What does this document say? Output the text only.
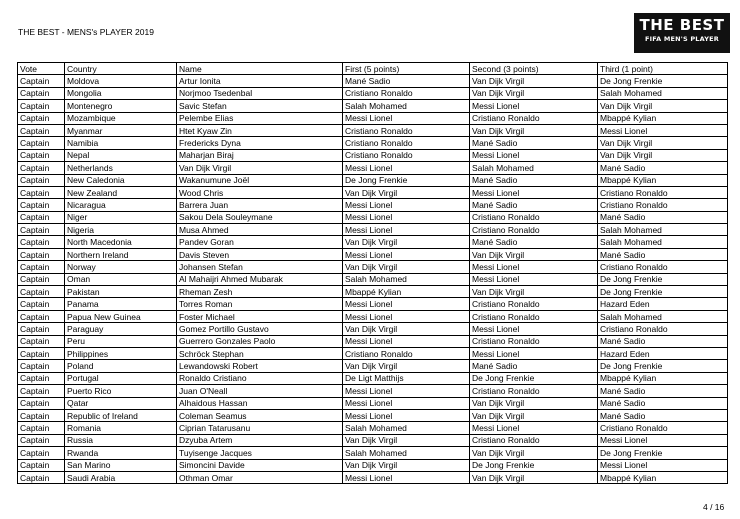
THE BEST - MENS's PLAYER 2019	THE BEST
FIFA MEN'S PLAYER
Vote	Country	Name	First (5 points)	Second (3 points)	Third (1 point)
Captain	Moldova	Artur Ionita	Mané Sadio	Van Dijk Virgil	De Jong Frenkie
Captain	Mongolia	Norjmoo Tsedenbal	Cristiano Ronaldo	Van Dijk Virgil	Salah Mohamed
Captain	Montenegro	Savic Stefan	Salah Mohamed	Messi Lionel	Van Dijk Virgil
Captain	Mozambique	Pelembe Elias	Messi Lionel	Cristiano Ronaldo	Mbappé Kylian
Captain	Myanmar	Htet Kyaw Zin	Cristiano Ronaldo	Van Dijk Virgil	Messi Lionel
Captain	Namibia	Fredericks Dyna	Cristiano Ronaldo	Mané Sadio	Van Dijk Virgil
Captain	Nepal	Maharjan Biraj	Cristiano Ronaldo	Messi Lionel	Van Dijk Virgil
Captain	Netherlands	Van Dijk Virgil	Messi Lionel	Salah Mohamed	Mané Sadio
Captain	New Caledonia	Wakanumune Joël	De Jong Frenkie	Mané Sadio	Mbappé Kylian
Captain	New Zealand	Wood Chris	Van Dijk Virgil	Messi Lionel	Cristiano Ronaldo
Captain	Nicaragua	Barrera Juan	Messi Lionel	Mané Sadio	Cristiano Ronaldo
Captain	Niger	Sakou Dela Souleymane	Messi Lionel	Cristiano Ronaldo	Mané Sadio
Captain	Nigeria	Musa Ahmed	Messi Lionel	Cristiano Ronaldo	Salah Mohamed
Captain	North Macedonia	Pandev Goran	Van Dijk Virgil	Mané Sadio	Salah Mohamed
Captain	Northern Ireland	Davis Steven	Messi Lionel	Van Dijk Virgil	Mané Sadio
Captain	Norway	Johansen Stefan	Van Dijk Virgil	Messi Lionel	Cristiano Ronaldo
Captain	Oman	Al Mahaijri Ahmed Mubarak	Salah Mohamed	Messi Lionel	De Jong Frenkie
Captain	Pakistan	Rheman Zesh	Mbappé Kylian	Van Dijk Virgil	De Jong Frenkie
Captain	Panama	Torres Roman	Messi Lionel	Cristiano Ronaldo	Hazard Eden
Captain	Papua New Guinea	Foster Michael	Messi Lionel	Cristiano Ronaldo	Salah Mohamed
Captain	Paraguay	Gomez Portillo Gustavo	Van Dijk Virgil	Messi Lionel	Cristiano Ronaldo
Captain	Peru	Guerrero Gonzales Paolo	Messi Lionel	Cristiano Ronaldo	Mané Sadio
Captain	Philippines	Schröck Stephan	Cristiano Ronaldo	Messi Lionel	Hazard Eden
Captain	Poland	Lewandowski Robert	Van Dijk Virgil	Mané Sadio	De Jong Frenkie
Captain	Portugal	Ronaldo Cristiano	De Ligt Matthijs	De Jong Frenkie	Mbappé Kylian
Captain	Puerto Rico	Juan O'Neall	Messi Lionel	Cristiano Ronaldo	Mané Sadio
Captain	Qatar	Alhaidous Hassan	Messi Lionel	Van Dijk Virgil	Mané Sadio
Captain	Republic of Ireland	Coleman Seamus	Messi Lionel	Van Dijk Virgil	Mané Sadio
Captain	Romania	Ciprian Tatarusanu	Salah Mohamed	Messi Lionel	Cristiano Ronaldo
Captain	Russia	Dzyuba Artem	Van Dijk Virgil	Cristiano Ronaldo	Messi Lionel
Captain	Rwanda	Tuyisenge Jacques	Salah Mohamed	Van Dijk Virgil	De Jong Frenkie
Captain	San Marino	Simoncini Davide	Van Dijk Virgil	De Jong Frenkie	Messi Lionel
Captain	Saudi Arabia	Othman Omar	Messi Lionel	Van Dijk Virgil	Mbappé Kylian
4 / 16
